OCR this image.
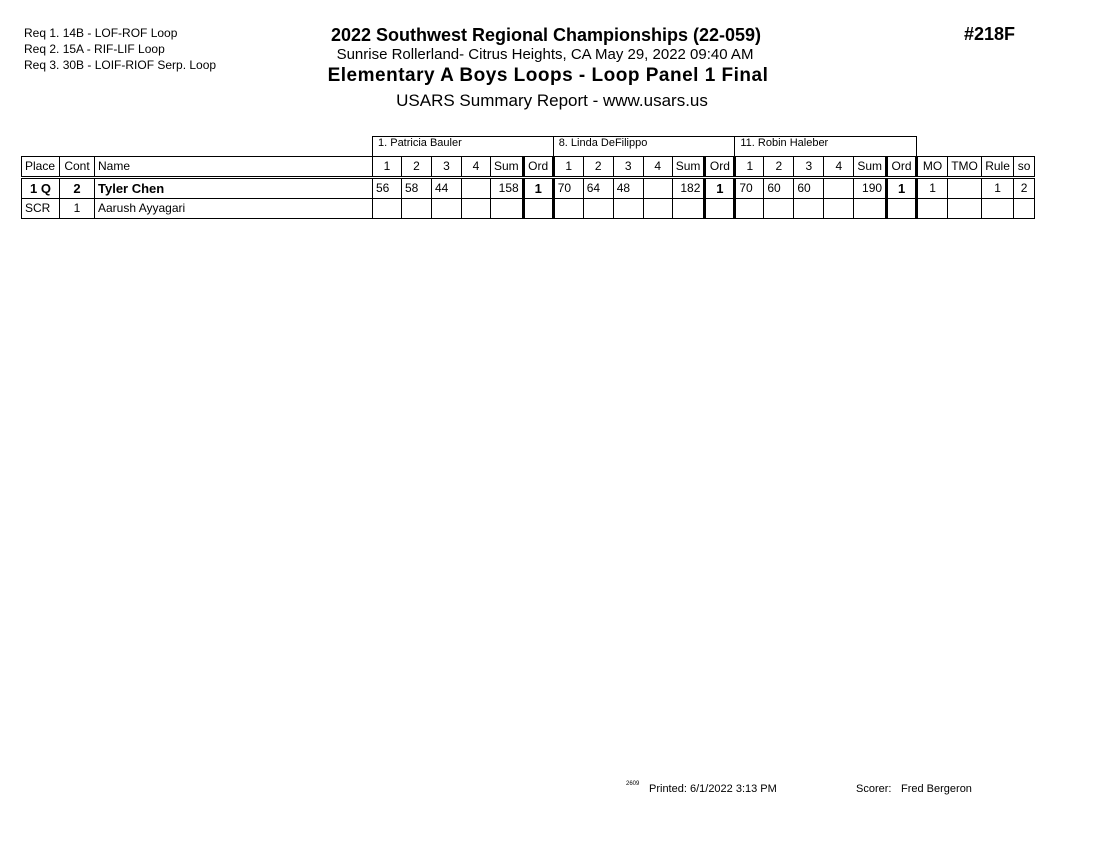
Req 1. 14B - LOF-ROF Loop
Req 2. 15A - RIF-LIF Loop
Req 3. 30B - LOIF-RIOF Serp. Loop
2022 Southwest Regional Championships (22-059)
Sunrise Rollerland- Citrus Heights, CA May 29, 2022 09:40 AM
Elementary A Boys Loops - Loop Panel 1 Final
USARS Summary Report - www.usars.us
#218F
			1. Patricia Bauler						8. Linda DeFilippo						11. Robin Haleber									
Place	Cont	Name	1	2	3	4	Sum	Ord	1	2	3	4	Sum	Ord	1	2	3	4	Sum	Ord	MO	TMO	Rule	so
1 Q	2	Tyler Chen	56	58	44		158	1	70	64	48		182	1	70	60	60		190	1	1		1	2
SCR	1	Aarush Ayyagari																						
2609 Printed: 6/1/2022 3:13 PM	Scorer: Fred Bergeron
